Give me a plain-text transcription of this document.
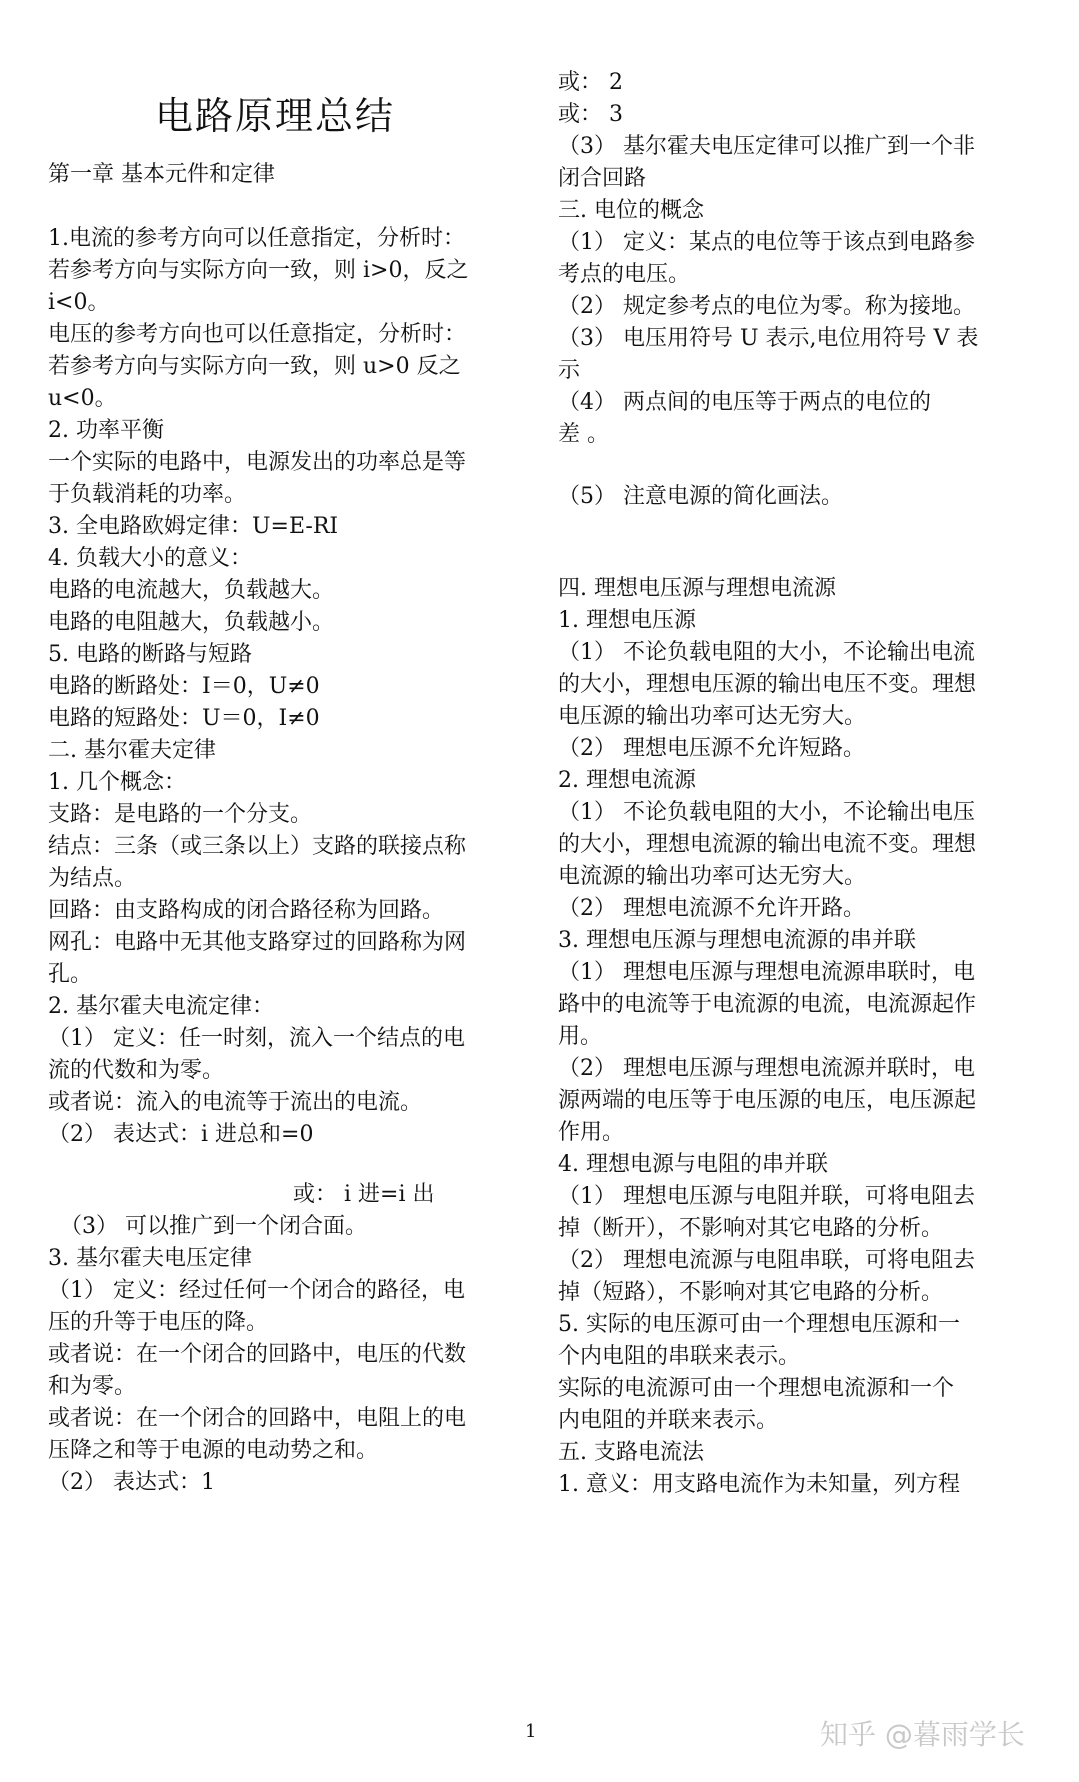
电路原理总结
第一章 基本元件和定律
1.电流的参考方向可以任意指定，分析时：
若参考方向与实际方向一致，则 i>0，反之
i<0。
电压的参考方向也可以任意指定，分析时：
若参考方向与实际方向一致，则 u>0 反之
u<0。
2. 功率平衡
一个实际的电路中，电源发出的功率总是等
于负载消耗的功率。
3. 全电路欧姆定律：U=E-RI
4. 负载大小的意义：
电路的电流越大，负载越大。
电路的电阻越大，负载越小。
5. 电路的断路与短路
电路的断路处：I＝0，U≠0
电路的短路处：U＝0，I≠0
二. 基尔霍夫定律
1. 几个概念：
支路：是电路的一个分支。
结点：三条（或三条以上）支路的联接点称
为结点。
回路：由支路构成的闭合路径称为回路。
网孔：电路中无其他支路穿过的回路称为网
孔。
2. 基尔霍夫电流定律：
（1） 定义：任一时刻，流入一个结点的电
流的代数和为零。
或者说：流入的电流等于流出的电流。
（2） 表达式：i 进总和=0
或： i 进=i 出
（3） 可以推广到一个闭合面。
3. 基尔霍夫电压定律
（1） 定义：经过任何一个闭合的路径，电
压的升等于电压的降。
或者说：在一个闭合的回路中，电压的代数
和为零。
或者说：在一个闭合的回路中，电阻上的电
压降之和等于电源的电动势之和。
（2） 表达式：1
或： 2
或： 3
（3） 基尔霍夫电压定律可以推广到一个非
闭合回路
三. 电位的概念
（1） 定义：某点的电位等于该点到电路参
考点的电压。
（2） 规定参考点的电位为零。称为接地。
（3） 电压用符号 U 表示,电位用符号 V 表
示
（4） 两点间的电压等于两点的电位的
差 。
（5） 注意电源的简化画法。
四. 理想电压源与理想电流源
1. 理想电压源
（1） 不论负载电阻的大小，不论输出电流
的大小，理想电压源的输出电压不变。理想
电压源的输出功率可达无穷大。
（2） 理想电压源不允许短路。
2. 理想电流源
（1） 不论负载电阻的大小，不论输出电压
的大小，理想电流源的输出电流不变。理想
电流源的输出功率可达无穷大。
（2） 理想电流源不允许开路。
3. 理想电压源与理想电流源的串并联
（1） 理想电压源与理想电流源串联时，电
路中的电流等于电流源的电流，电流源起作
用。
（2） 理想电压源与理想电流源并联时，电
源两端的电压等于电压源的电压，电压源起
作用。
4. 理想电源与电阻的串并联
（1） 理想电压源与电阻并联，可将电阻去
掉（断开），不影响对其它电路的分析。
（2） 理想电流源与电阻串联，可将电阻去
掉（短路），不影响对其它电路的分析。
5. 实际的电压源可由一个理想电压源和一
个内电阻的串联来表示。
实际的电流源可由一个理想电流源和一个
内电阻的并联来表示。
五. 支路电流法
1. 意义：用支路电流作为未知量，列方程
1	知乎 @暮雨学长
